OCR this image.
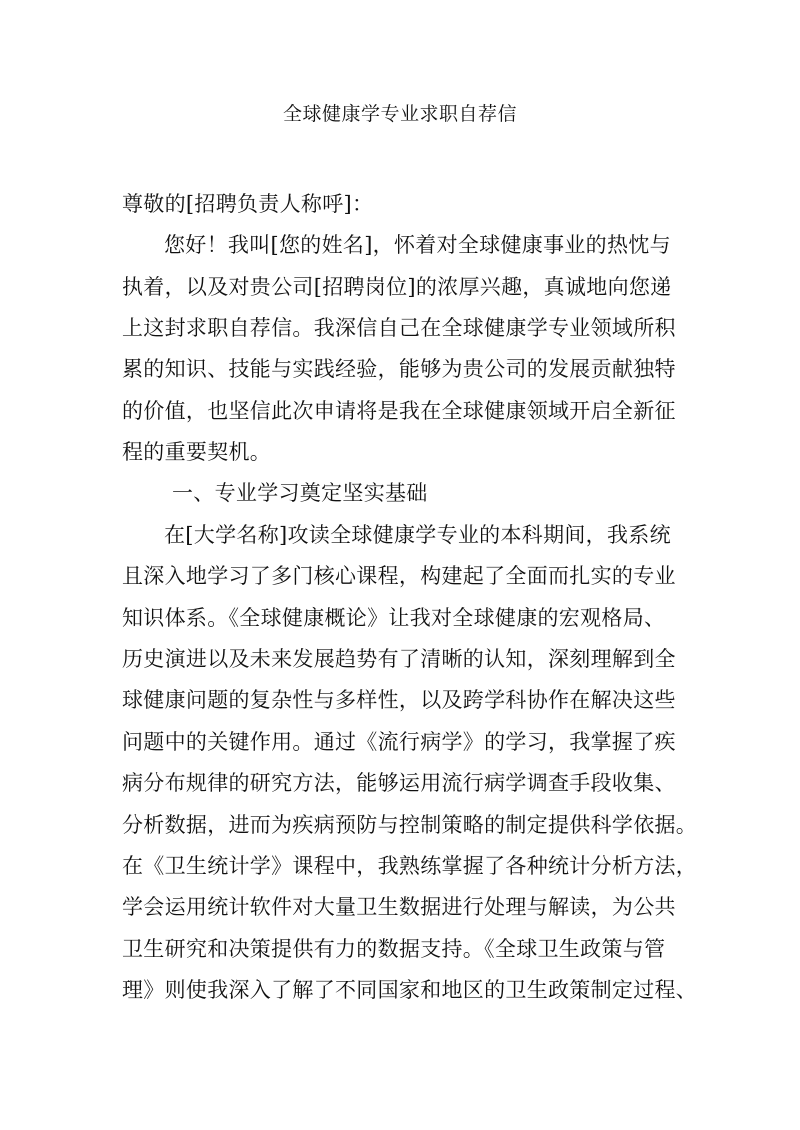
全球健康学专业求职自荐信
尊敬的[招聘负责人称呼]：
您好！我叫[您的姓名]，怀着对全球健康事业的热忱与
执着，以及对贵公司[招聘岗位]的浓厚兴趣，真诚地向您递
上这封求职自荐信。我深信自己在全球健康学专业领域所积
累的知识、技能与实践经验，能够为贵公司的发展贡献独特
的价值，也坚信此次申请将是我在全球健康领域开启全新征
程的重要契机。
一、专业学习奠定坚实基础
在[大学名称]攻读全球健康学专业的本科期间，我系统
且深入地学习了多门核心课程，构建起了全面而扎实的专业
知识体系。《全球健康概论》让我对全球健康的宏观格局、
历史演进以及未来发展趋势有了清晰的认知，深刻理解到全
球健康问题的复杂性与多样性，以及跨学科协作在解决这些
问题中的关键作用。通过《流行病学》的学习，我掌握了疾
病分布规律的研究方法，能够运用流行病学调查手段收集、
分析数据，进而为疾病预防与控制策略的制定提供科学依据。
在《卫生统计学》课程中，我熟练掌握了各种统计分析方法，
学会运用统计软件对大量卫生数据进行处理与解读，为公共
卫生研究和决策提供有力的数据支持。《全球卫生政策与管
理》则使我深入了解了不同国家和地区的卫生政策制定过程、
